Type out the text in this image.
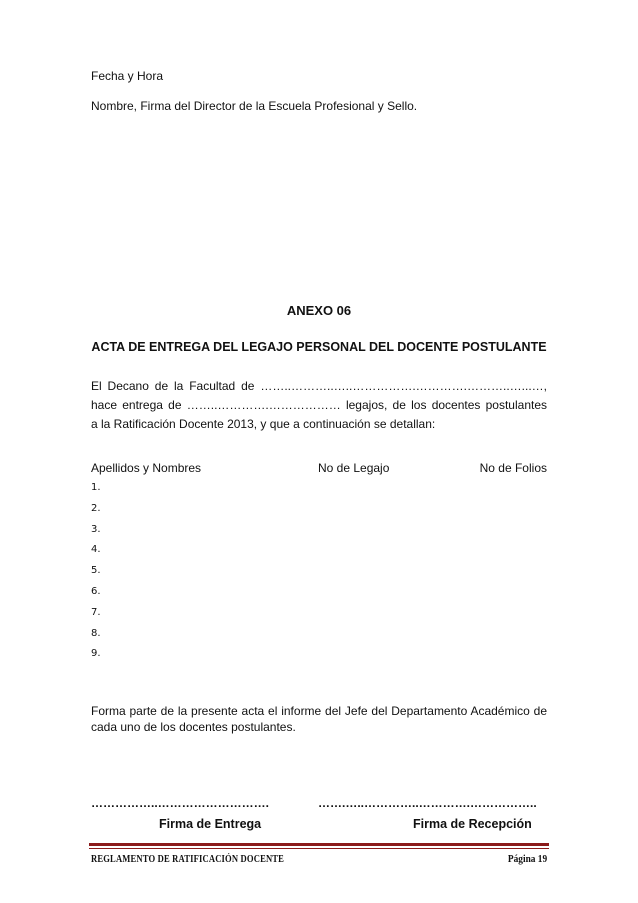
Fecha y Hora
Nombre, Firma del Director de la Escuela Profesional y Sello.
ANEXO 06
ACTA DE ENTREGA DEL LEGAJO PERSONAL DEL DOCENTE POSTULANTE
El Decano de la Facultad de ……..………..…..…………….………….………..…...…,
hace entrega de ……..………….……………… legajos, de los docentes postulantes
a la Ratificación Docente 2013, y que a continuación se detallan:
Apellidos y Nombres	No de Legajo	No de Folios
1.
2.
3.
4.
5.
6.
7.
8.
9.
Forma parte de la presente acta el informe del Jefe del Departamento Académico de cada uno de los docentes postulantes.
……………..……………………….	…….…..…………..………….……………..
Firma de Entrega	Firma de Recepción
REGLAMENTO DE RATIFICACIÓN DOCENTE	Página 19
